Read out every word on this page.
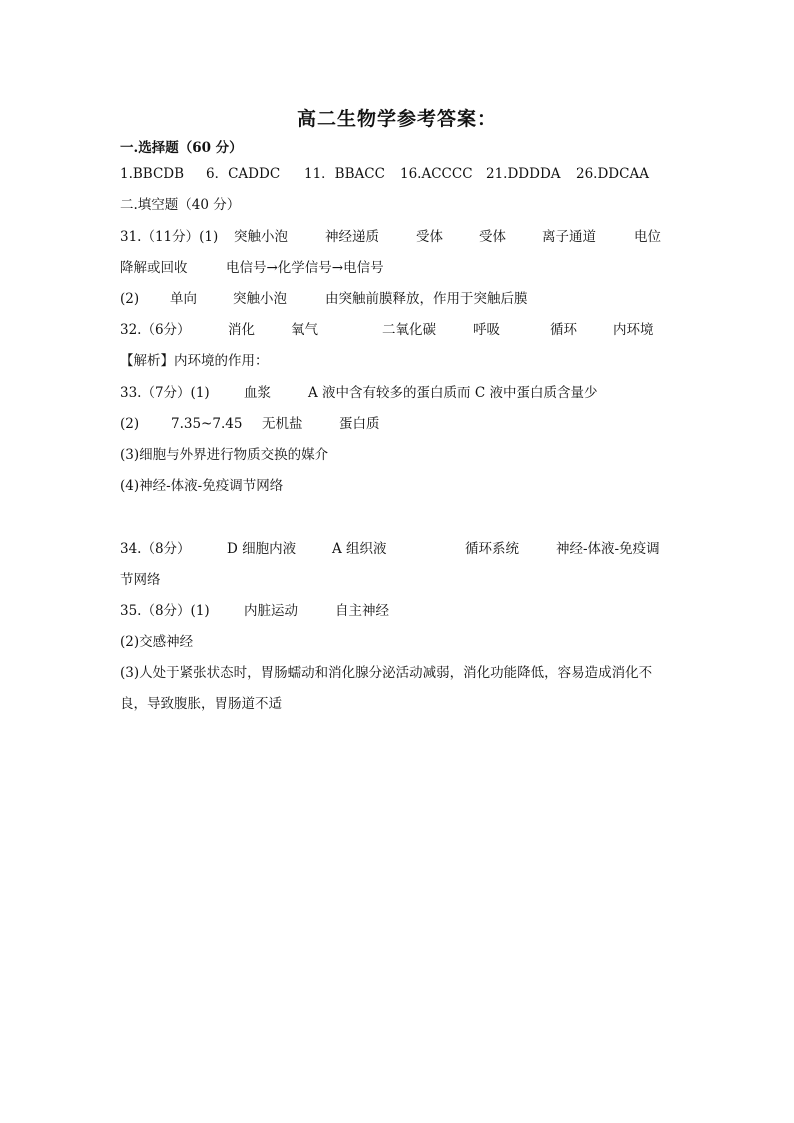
高二生物学参考答案：
一.选择题（60 分）
1.BBCDB 6．CADDC 11．BBACC 16.ACCCC 21.DDDDA 26.DDCAA
二.填空题（40 分）
31.（11分）(1) 突触小泡	神经递质	受体	受体	离子通道	电位
降解或回收	电信号→化学信号→电信号
(2) 单向	突触小泡	由突触前膜释放，作用于突触后膜
32.（6分）	消化	氧气	二氧化碳	呼吸	循环	内环境
【解析】内环境的作用：
33.（7分）(1)	血浆	A 液中含有较多的蛋白质而 C 液中蛋白质含量少
(2) 7.35~7.45 无机盐	蛋白质
(3)细胞与外界进行物质交换的媒介
(4)神经-体液-免疫调节网络
34.（8分）	D 细胞内液	A 组织液	循环系统	神经-体液-免疫调
节网络
35.（8分）(1)	内脏运动	自主神经
(2)交感神经
(3)人处于紧张状态时，胃肠蠕动和消化腺分泌活动减弱，消化功能降低，容易造成消化不
良，导致腹胀，胃肠道不适
